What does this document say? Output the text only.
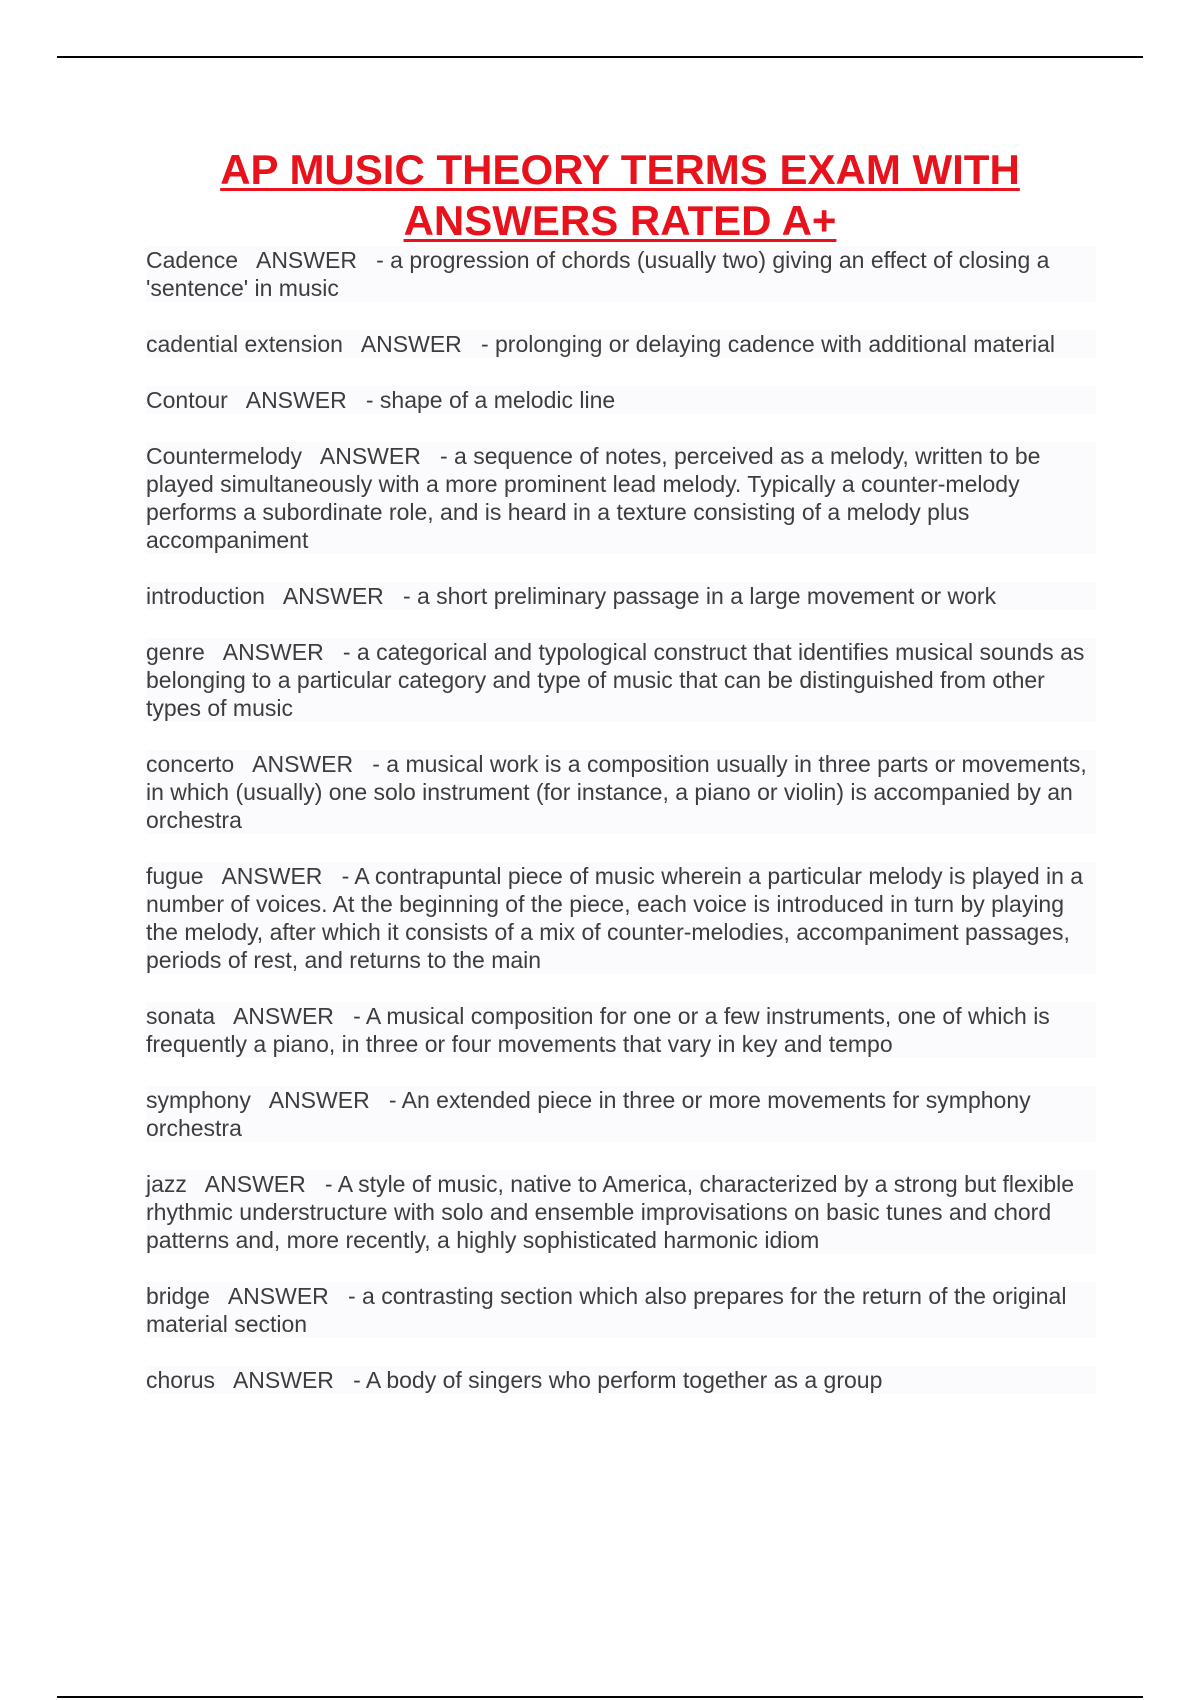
AP MUSIC THEORY TERMS EXAM WITH ANSWERS RATED A+

Cadence   ANSWER   - a progression of chords (usually two) giving an effect of closing a 'sentence' in music

cadential extension   ANSWER   - prolonging or delaying cadence with additional material

Contour   ANSWER   - shape of a melodic line

Countermelody   ANSWER   - a sequence of notes, perceived as a melody, written to be played simultaneously with a more prominent lead melody. Typically a counter-melody performs a subordinate role, and is heard in a texture consisting of a melody plus accompaniment

introduction   ANSWER   - a short preliminary passage in a large movement or work

genre   ANSWER   - a categorical and typological construct that identifies musical sounds as belonging to a particular category and type of music that can be distinguished from other types of music

concerto   ANSWER   - a musical work is a composition usually in three parts or movements, in which (usually) one solo instrument (for instance, a piano or violin) is accompanied by an orchestra

fugue   ANSWER   - A contrapuntal piece of music wherein a particular melody is played in a number of voices. At the beginning of the piece, each voice is introduced in turn by playing the melody, after which it consists of a mix of counter-melodies, accompaniment passages, periods of rest, and returns to the main

sonata   ANSWER   - A musical composition for one or a few instruments, one of which is frequently a piano, in three or four movements that vary in key and tempo

symphony   ANSWER   - An extended piece in three or more movements for symphony orchestra

jazz   ANSWER   - A style of music, native to America, characterized by a strong but flexible rhythmic understructure with solo and ensemble improvisations on basic tunes and chord patterns and, more recently, a highly sophisticated harmonic idiom

bridge   ANSWER   - a contrasting section which also prepares for the return of the original material section

chorus   ANSWER   - A body of singers who perform together as a group
